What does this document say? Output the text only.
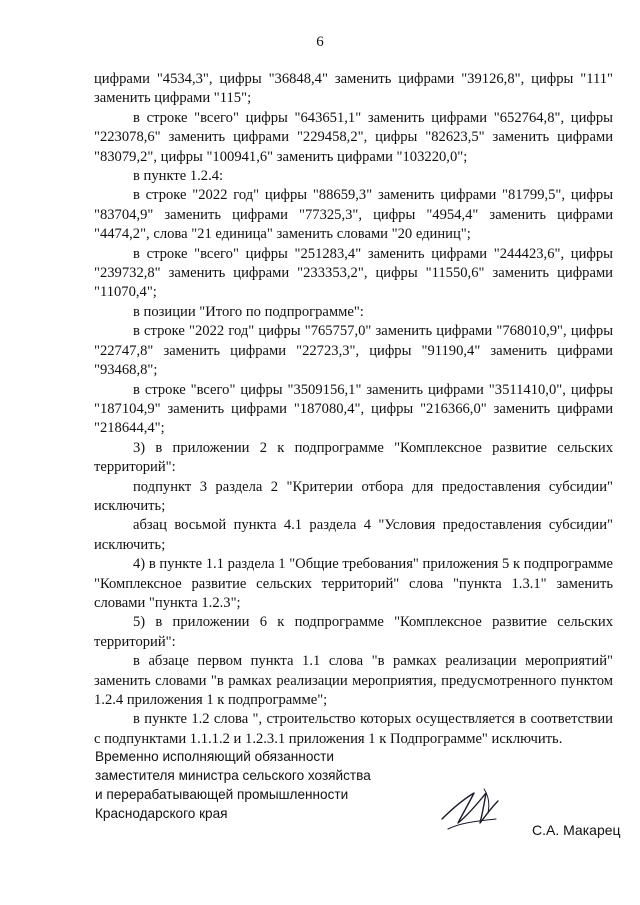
6

цифрами "4534,3", цифры "36848,4" заменить цифрами "39126,8", цифры "111" заменить цифрами "115";

в строке "всего" цифры "643651,1" заменить цифрами "652764,8", цифры "223078,6" заменить цифрами "229458,2", цифры "82623,5" заменить цифрами "83079,2", цифры "100941,6" заменить цифрами "103220,0";

в пункте 1.2.4:

в строке "2022 год" цифры "88659,3" заменить цифрами "81799,5", цифры "83704,9" заменить цифрами "77325,3", цифры "4954,4" заменить цифрами "4474,2", слова "21 единица" заменить словами "20 единиц";

в строке "всего" цифры "251283,4" заменить цифрами "244423,6", цифры "239732,8" заменить цифрами "233353,2", цифры "11550,6" заменить цифрами "11070,4";

в позиции "Итого по подпрограмме":

в строке "2022 год" цифры "765757,0" заменить цифрами "768010,9", цифры "22747,8" заменить цифрами "22723,3", цифры "91190,4" заменить цифрами "93468,8";

в строке "всего" цифры "3509156,1" заменить цифрами "3511410,0", цифры "187104,9" заменить цифрами "187080,4", цифры "216366,0" заменить цифрами "218644,4";

3) в приложении 2 к подпрограмме "Комплексное развитие сельских территорий":

подпункт 3 раздела 2 "Критерии отбора для предоставления субсидии" исключить;

абзац восьмой пункта 4.1 раздела 4 "Условия предоставления субсидии" исключить;

4) в пункте 1.1 раздела 1 "Общие требования" приложения 5 к подпрограмме "Комплексное развитие сельских территорий" слова "пункта 1.3.1" заменить словами "пункта 1.2.3";

5) в приложении 6 к подпрограмме "Комплексное развитие сельских территорий":

в абзаце первом пункта 1.1 слова "в рамках реализации мероприятий" заменить словами "в рамках реализации мероприятия, предусмотренного пунктом 1.2.4 приложения 1 к подпрограмме";

в пункте 1.2 слова ", строительство которых осуществляется в соответствии с подпунктами 1.1.1.2 и 1.2.3.1 приложения 1 к Подпрограмме" исключить.

Временно исполняющий обязанности
заместителя министра сельского хозяйства
и перерабатывающей промышленности
Краснодарского края
С.А. Макарец
